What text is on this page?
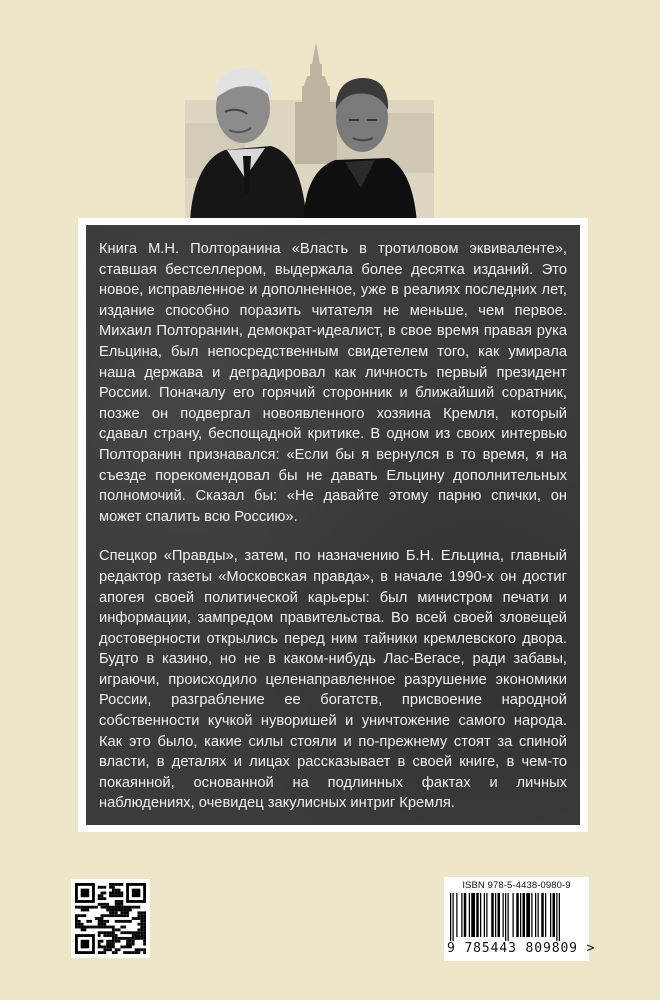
Книга М.Н. Полторанина «Власть в тротиловом эквиваленте», ставшая бестселлером, выдержала более десятка изданий. Это новое, исправленное и дополненное, уже в реалиях последних лет, издание способно поразить читателя не меньше, чем первое. Михаил Полторанин, демократ-идеалист, в свое время правая рука Ельцина, был непосредственным свидетелем того, как умирала наша держава и деградировал как личность первый президент России. Поначалу его горячий сторонник и ближайший соратник, позже он подвергал новоявленного хозяина Кремля, который сдавал страну, беспощадной критике. В одном из своих интервью Полторанин признавался: «Если бы я вернулся в то время, я на съезде порекомендовал бы не давать Ельцину дополнительных полномочий. Сказал бы: «Не давайте этому парню спички, он может спалить всю Россию».

Спецкор «Правды», затем, по назначению Б.Н. Ельцина, главный редактор газеты «Московская правда», в начале 1990-х он достиг апогея своей политической карьеры: был министром печати и информации, зампредом правительства. Во всей своей зловещей достоверности открылись перед ним тайники кремлевского двора. Будто в казино, но не в каком-нибудь Лас-Вегасе, ради забавы, играючи, происходило целенаправленное разрушение экономики России, разграбление ее богатств, присвоение народной собственности кучкой нуворишей и уничтожение самого народа. Как это было, какие силы стояли и по-прежнему стоят за спиной власти, в деталях и лицах рассказывает в своей книге, в чем-то покаянной, основанной на подлинных фактах и личных наблюдениях, очевидец закулисных интриг Кремля.

ISBN 978-5-4438-0980-9
9 785443 809809 >
